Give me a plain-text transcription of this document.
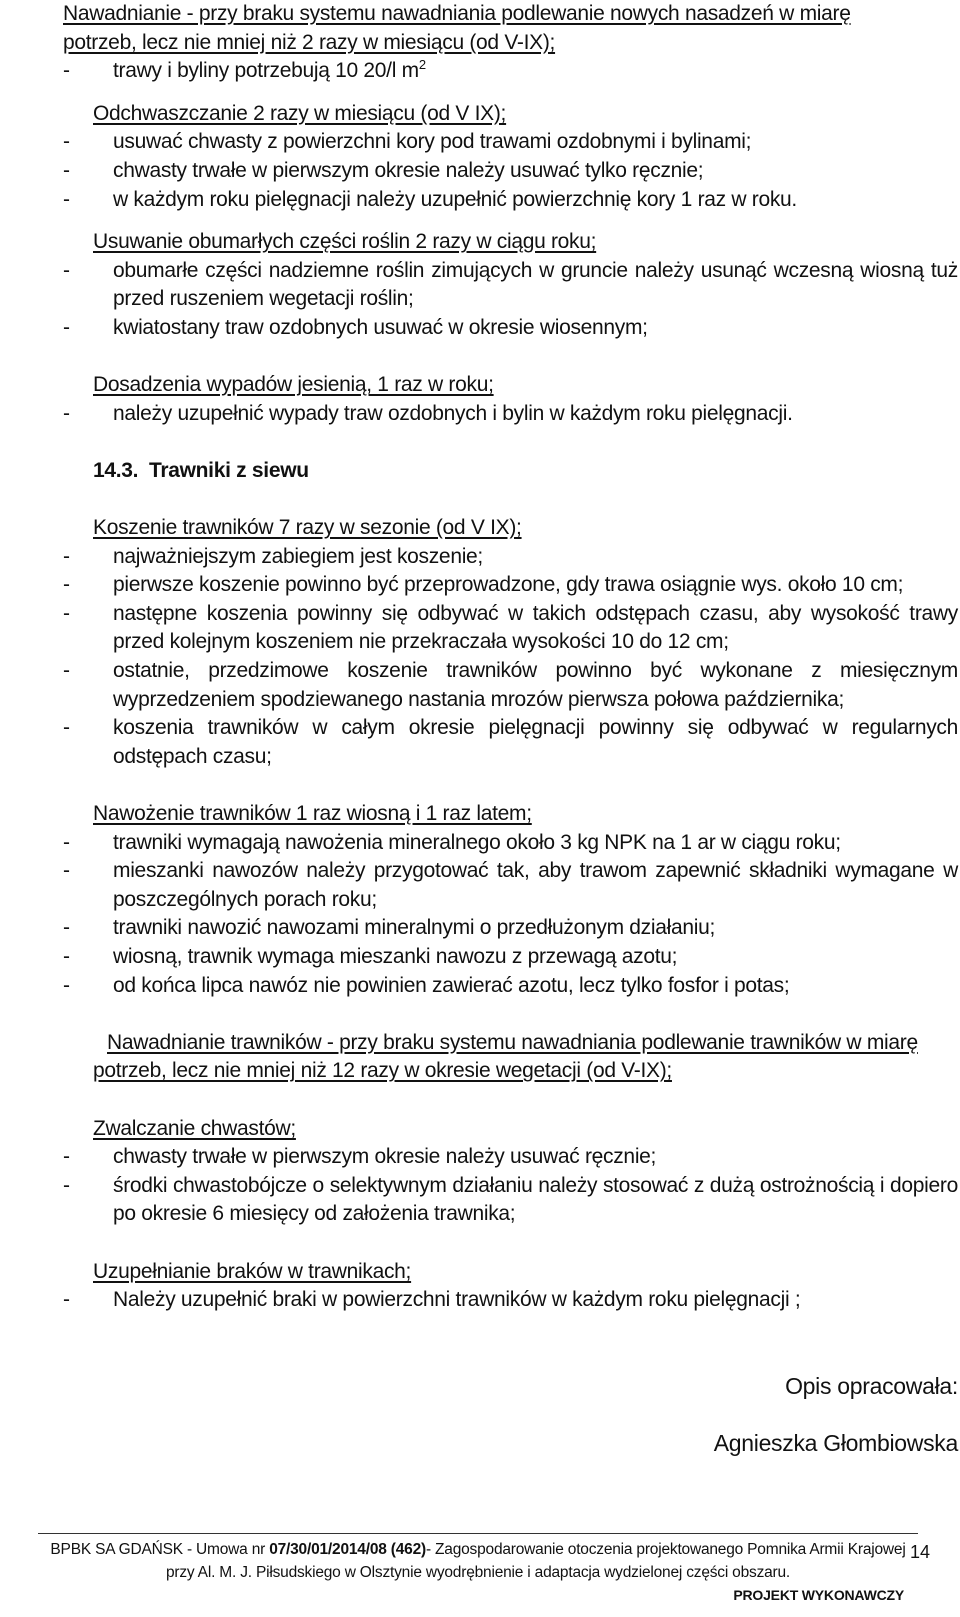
Nawadnianie - przy braku systemu nawadniania podlewanie nowych nasadzeń w miarę

potrzeb, lecz nie mniej niż 2 razy w miesiącu (od V-IX);

- trawy i byliny potrzebują 10 20/l $m^2$

Odchwaszczanie 2 razy w miesiącu (od V IX);

- usuwać chwasty z powierzchni kory pod trawami ozdobnymi i bylinami;

- chwasty trwałe w pierwszym okresie należy usuwać tylko ręcznie;

- w każdym roku pielęgnacji należy uzupełnić powierzchnię kory 1 raz w roku.

Usuwanie obumarłych części roślin 2 razy w ciągu roku;

- obumarłe części nadziemne roślin zimujących w gruncie należy usunąć wczesną wiosną tuż przed ruszeniem wegetacji roślin;

- kwiatostany traw ozdobnych usuwać w okresie wiosennym;

Dosadzenia wypadów jesienią, 1 raz w roku;

- należy uzupełnić wypady traw ozdobnych i bylin w każdym roku pielęgnacji.

14.3. Trawniki z siewu

Koszenie trawników 7 razy w sezonie (od V IX);

- najważniejszym zabiegiem jest koszenie;

- pierwsze koszenie powinno być przeprowadzone, gdy trawa osiągnie wys. około 10 cm;

- następne koszenia powinny się odbywać w takich odstępach czasu, aby wysokość trawy przed kolejnym koszeniem nie przekraczała wysokości 10 do 12 cm;

- ostatnie, przedzimowe koszenie trawników powinno być wykonane z miesięcznym wyprzedzeniem spodziewanego nastania mrozów pierwsza połowa października;

- koszenia trawników w całym okresie pielęgnacji powinny się odbywać w regularnych odstępach czasu;

Nawożenie trawników 1 raz wiosną i 1 raz latem;

- trawniki wymagają nawożenia mineralnego około 3 kg NPK na 1 ar w ciągu roku;

- mieszanki nawozów należy przygotować tak, aby trawom zapewnić składniki wymagane w poszczególnych porach roku;

- trawniki nawozić nawozami mineralnymi o przedłużonym działaniu;

- wiosną, trawnik wymaga mieszanki nawozu z przewagą azotu;

- od końca lipca nawóz nie powinien zawierać azotu, lecz tylko fosfor i potas;

Nawadnianie trawników - przy braku systemu nawadniania podlewanie trawników w miarę

potrzeb, lecz nie mniej niż 12 razy w okresie wegetacji (od V-IX);

Zwalczanie chwastów;

- chwasty trwałe w pierwszym okresie należy usuwać ręcznie;

- środki chwastobójcze o selektywnym działaniu należy stosować z dużą ostrożnością i dopiero po okresie 6 miesięcy od założenia trawnika;

Uzupełnianie braków w trawnikach;

- Należy uzupełnić braki w powierzchni trawników w każdym roku pielęgnacji ;

Opis opracowała:

Agnieszka Głombiowska

BPBK SA GDAŃSK - Umowa nr 07/30/01/2014/08 (462)- Zagospodarowanie otoczenia projektowanego Pomnika Armii Krajowej
przy Al. M. J. Piłsudskiego w Olsztynie wyodrębnienie i adaptacja wydzielonej części obszaru.
PROJEKT WYKONAWCZY
14
